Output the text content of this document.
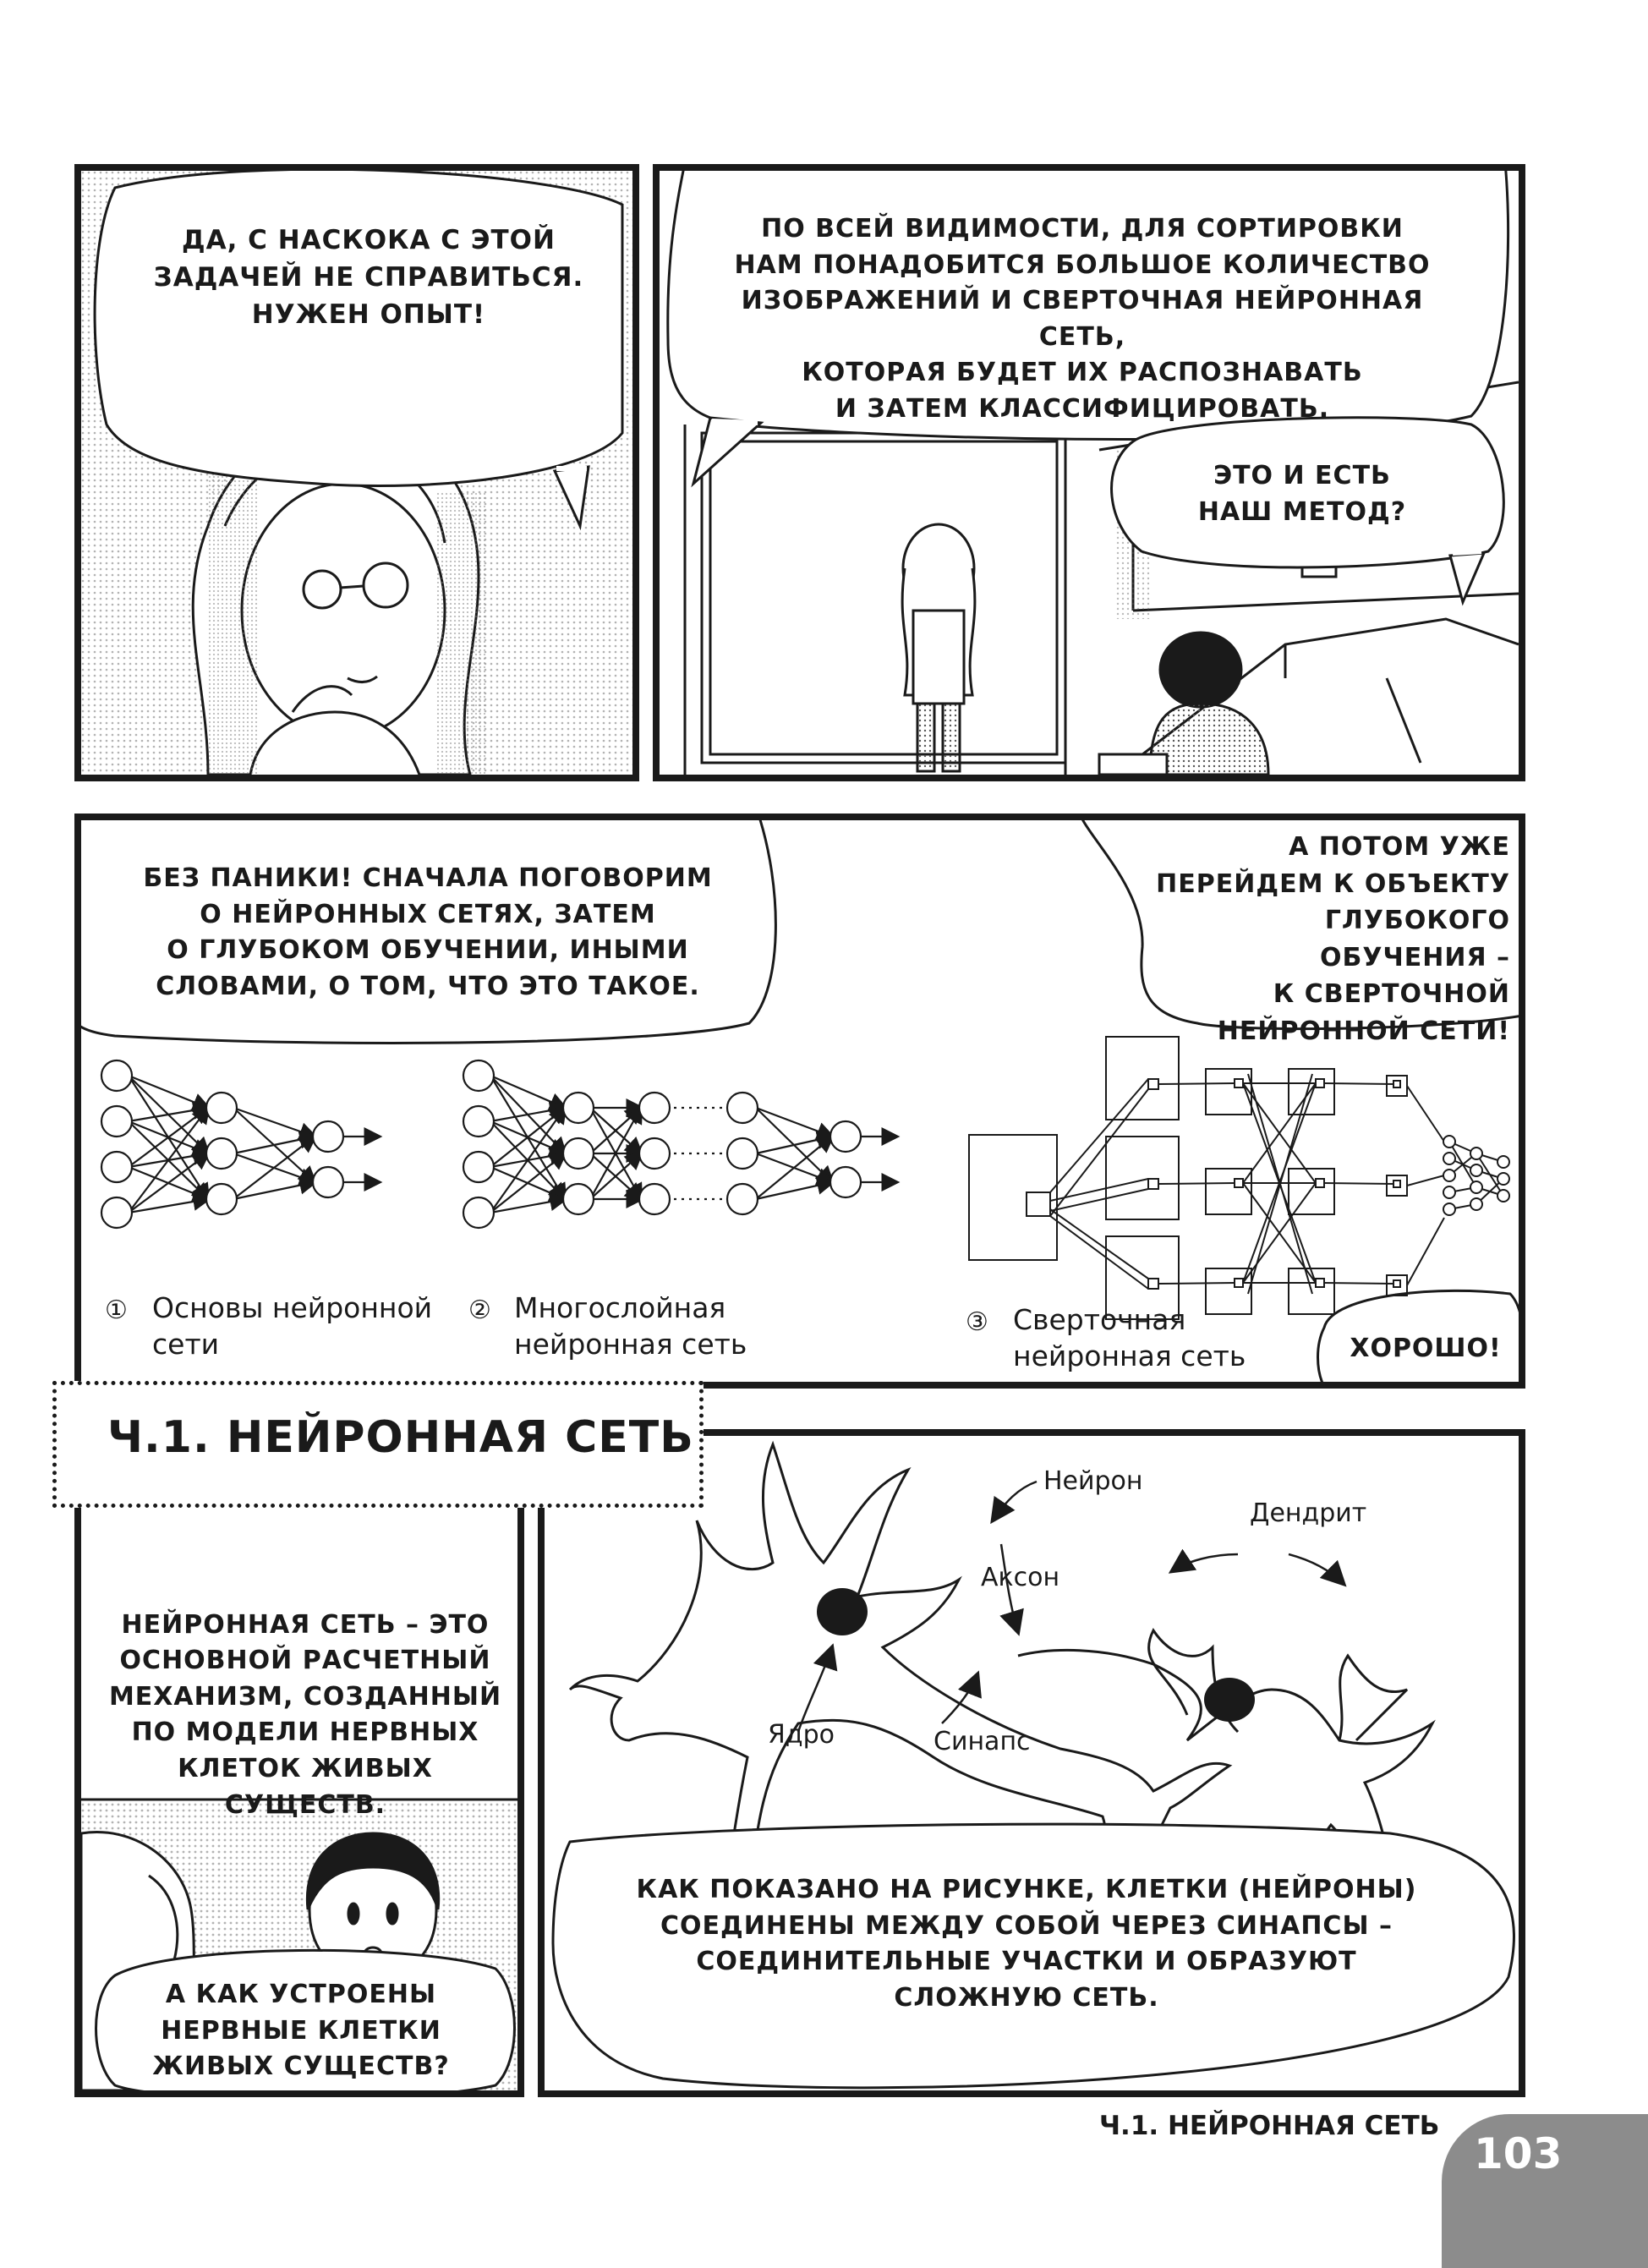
ДА, С НАСКОКА С ЭТОЙ
ЗАДАЧЕЙ НЕ СПРАВИТЬСЯ.
НУЖЕН ОПЫТ!
ПО ВСЕЙ ВИДИМОСТИ, ДЛЯ СОРТИРОВКИ
НАМ ПОНАДОБИТСЯ БОЛЬШОЕ КОЛИЧЕСТВО
ИЗОБРАЖЕНИЙ И СВЕРТОЧНАЯ НЕЙРОННАЯ СЕТЬ,
КОТОРАЯ БУДЕТ ИХ РАСПОЗНАВАТЬ
И ЗАТЕМ КЛАССИФИЦИРОВАТЬ.
ЭТО И ЕСТЬ
НАШ МЕТОД?
БЕЗ ПАНИКИ! СНАЧАЛА ПОГОВОРИМ
О НЕЙРОННЫХ СЕТЯХ, ЗАТЕМ
О ГЛУБОКОМ ОБУЧЕНИИ, ИНЫМИ
СЛОВАМИ, О ТОМ, ЧТО ЭТО ТАКОЕ.
А ПОТОМ УЖЕ
ПЕРЕЙДЕМ К ОБЪЕКТУ
ГЛУБОКОГО ОБУЧЕНИЯ –
К СВЕРТОЧНОЙ
НЕЙРОННОЙ СЕТИ!
ХОРОШО!
① Основы нейронной
сети
② Многослойная
нейронная сеть
③ Сверточная
нейронная сеть

НЕЙРОННАЯ СЕТЬ – ЭТО
ОСНОВНОЙ РАСЧЕТНЫЙ
МЕХАНИЗМ, СОЗДАННЫЙ
ПО МОДЕЛИ НЕРВНЫХ
КЛЕТОК ЖИВЫХ СУЩЕСТВ.

А КАК УСТРОЕНЫ
НЕРВНЫЕ КЛЕТКИ
ЖИВЫХ СУЩЕСТВ?
Нейрон
Дендрит
Аксон
Ядро	Синапс
КАК ПОКАЗАНО НА РИСУНКЕ, КЛЕТКИ (НЕЙРОНЫ)
СОЕДИНЕНЫ МЕЖДУ СОБОЙ ЧЕРЕЗ СИНАПСЫ –
СОЕДИНИТЕЛЬНЫЕ УЧАСТКИ И ОБРАЗУЮТ
СЛОЖНУЮ СЕТЬ.
Ч.1. НЕЙРОННАЯ СЕТЬ
Ч.1. НЕЙРОННАЯ СЕТЬ
103
